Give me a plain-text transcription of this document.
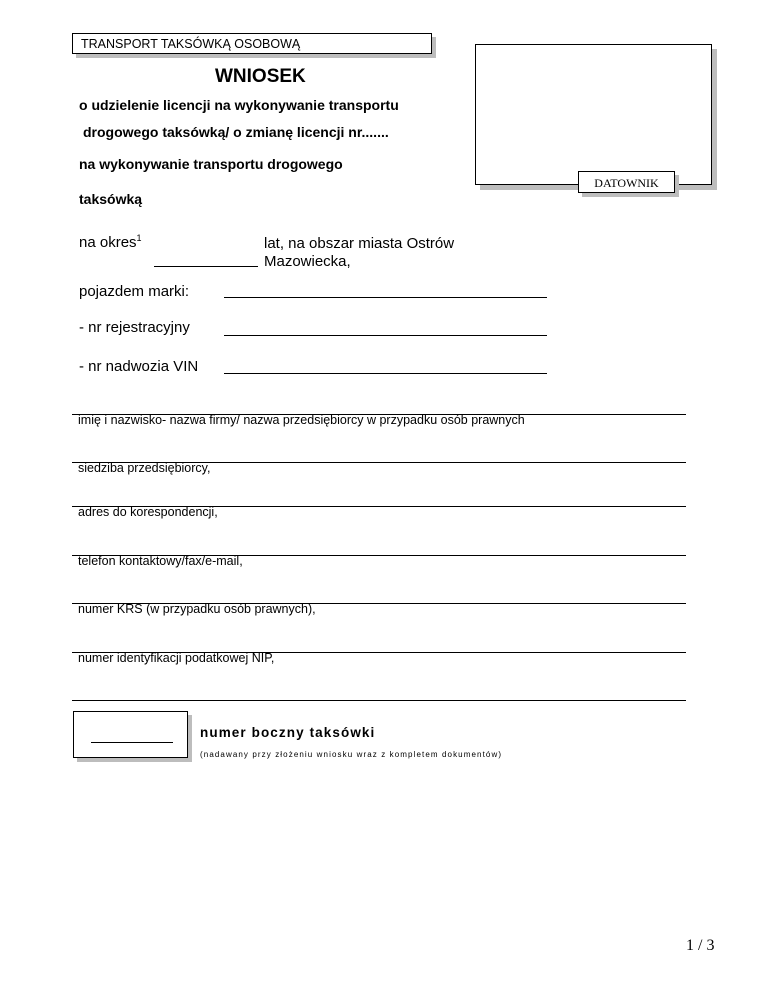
TRANSPORT TAKSÓWKĄ OSOBOWĄ
DATOWNIK
WNIOSEK
o udzielenie licencji na wykonywanie transportu
drogowego taksówką/ o zmianę licencji nr.......
na wykonywanie transportu drogowego
taksówką
na okres$^1$	lat, na obszar miasta Ostrów
Mazowiecka,
pojazdem marki:
- nr rejestracyjny
- nr nadwozia VIN
imię i nazwisko- nazwa firmy/ nazwa przedsiębiorcy w przypadku osób prawnych
siedziba przedsiębiorcy,
adres do korespondencji,
telefon kontaktowy/fax/e-mail,
numer KRS (w przypadku osób prawnych),
numer identyfikacji podatkowej NIP,
numer boczny taksówki
(nadawany przy złożeniu wniosku wraz z kompletem dokumentów)
1 / 3
